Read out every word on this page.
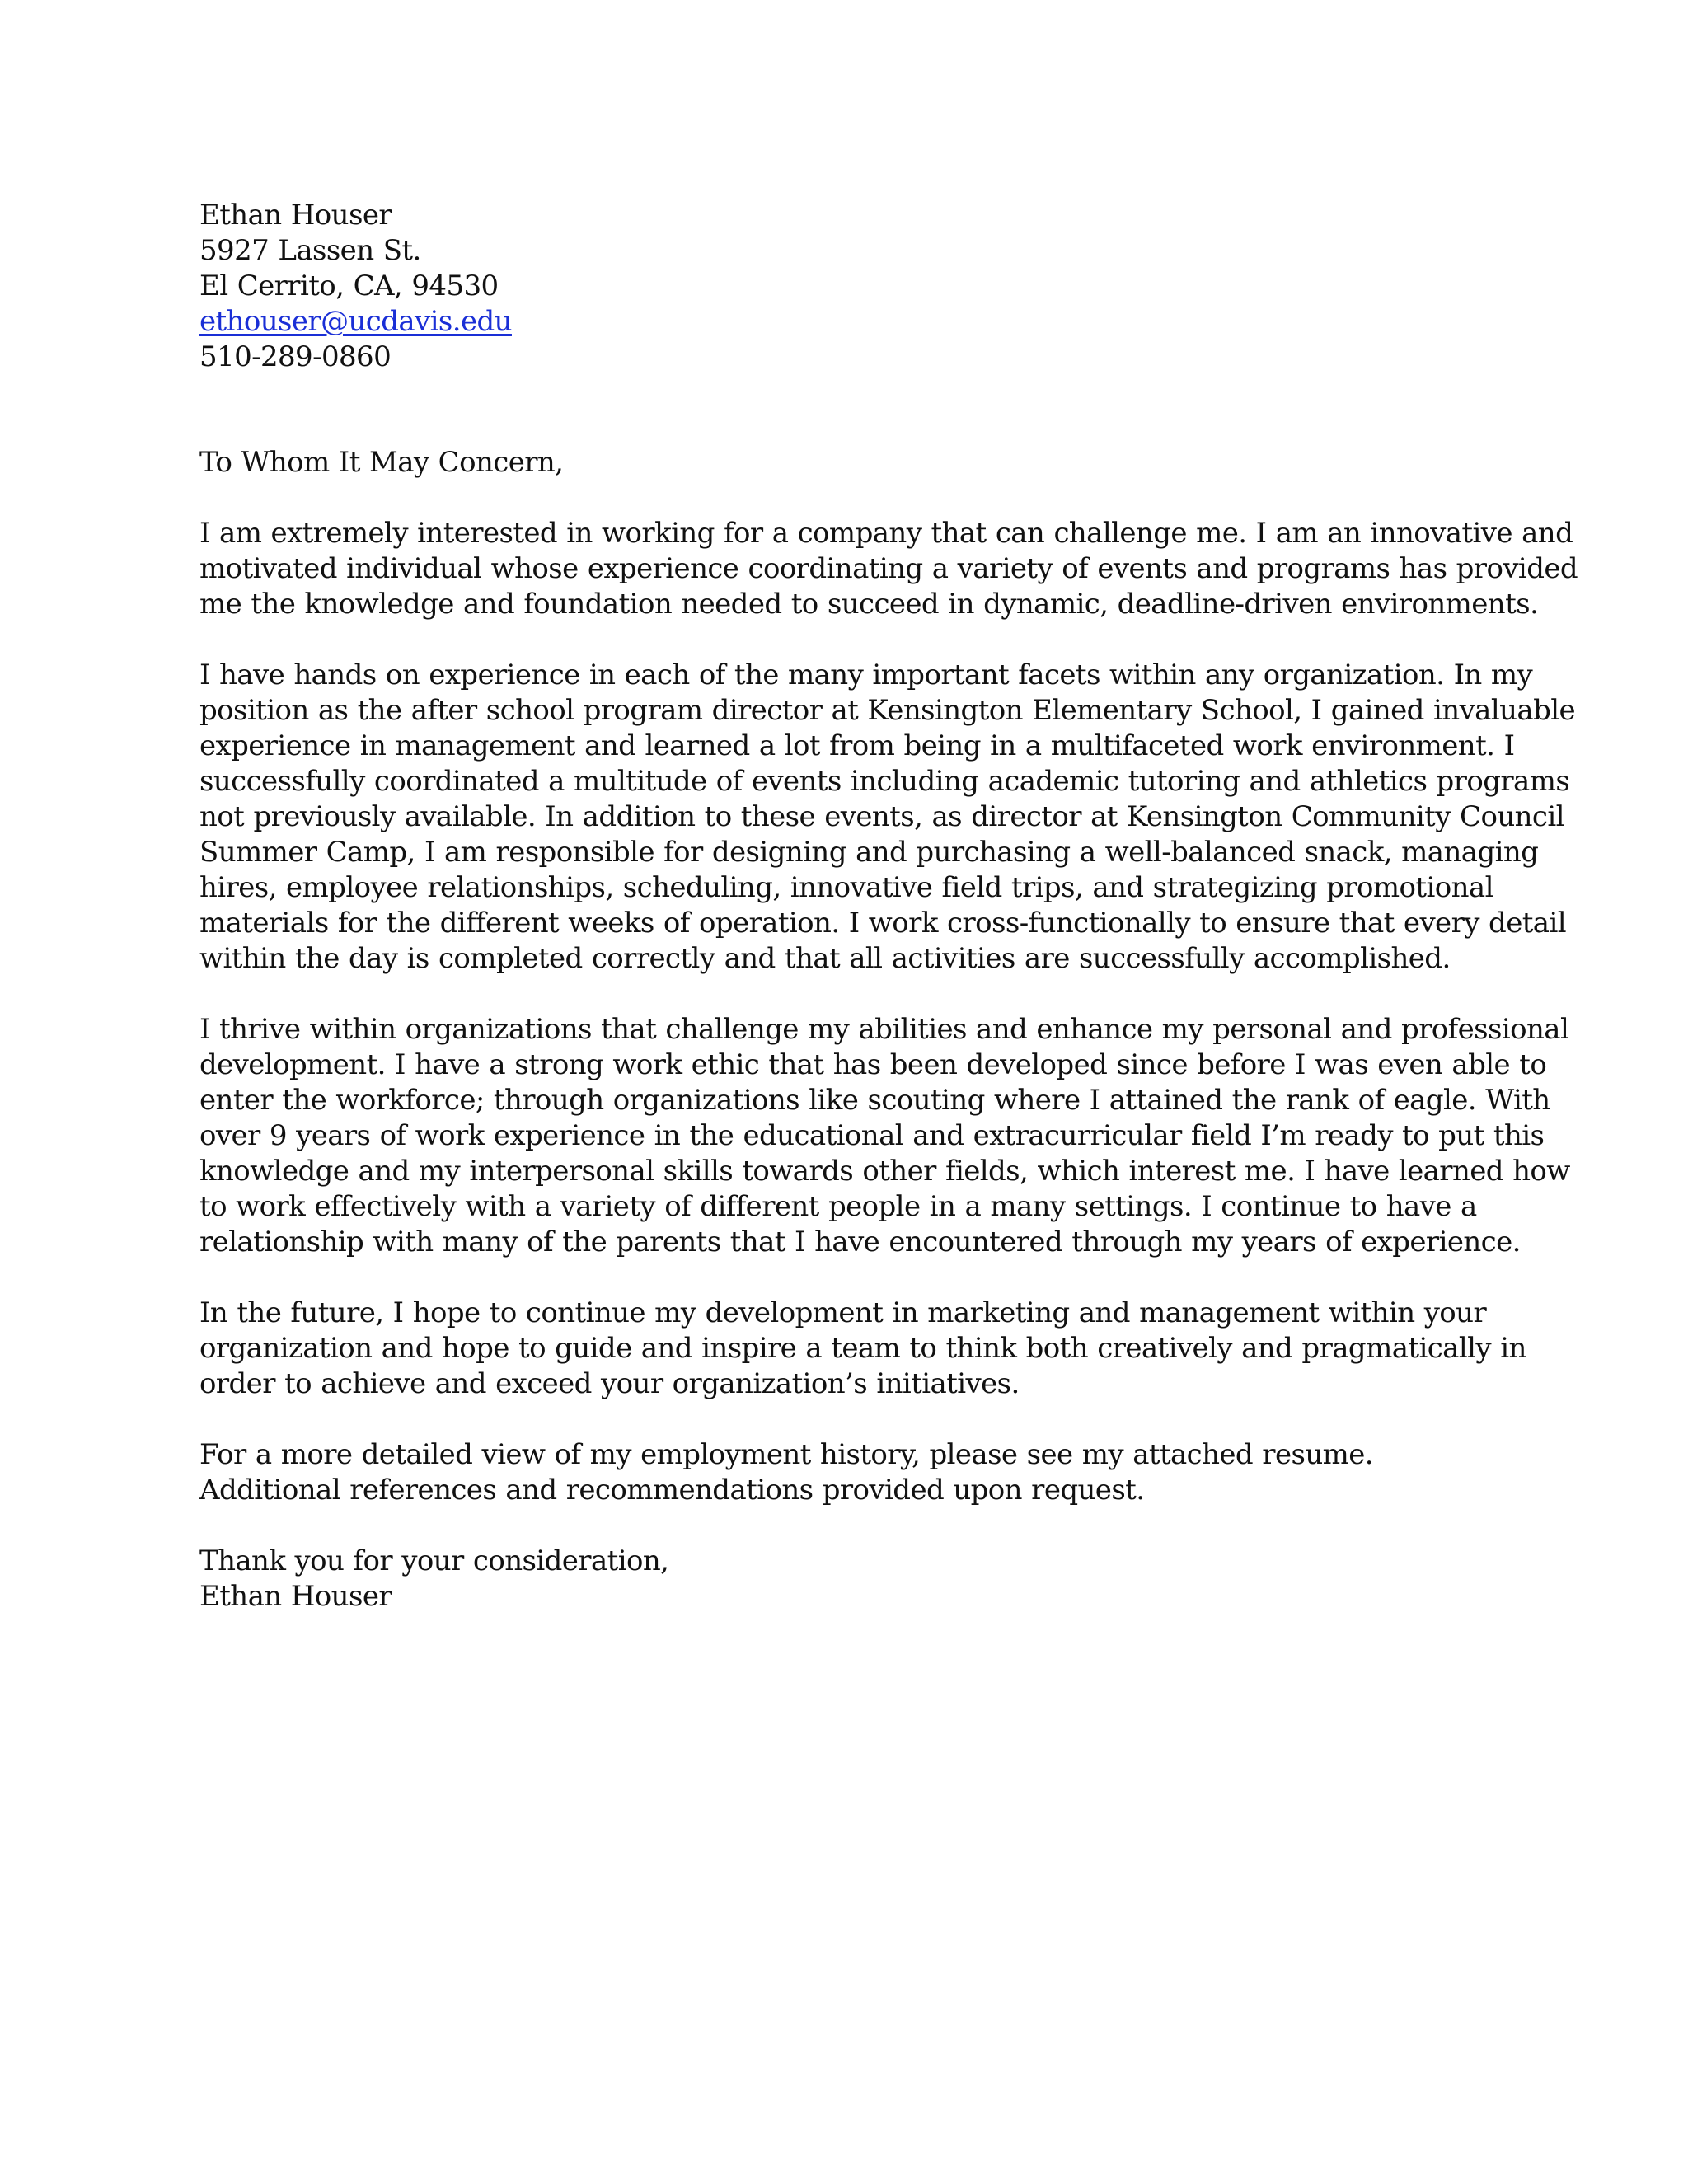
Ethan Houser
5927 Lassen St.
El Cerrito, CA, 94530
ethouser@ucdavis.edu
510-289-0860
To Whom It May Concern,
I am extremely interested in working for a company that can challenge me. I am an innovative and
motivated individual whose experience coordinating a variety of events and programs has provided
me the knowledge and foundation needed to succeed in dynamic, deadline-driven environments.
I have hands on experience in each of the many important facets within any organization. In my
position as the after school program director at Kensington Elementary School, I gained invaluable
experience in management and learned a lot from being in a multifaceted work environment. I
successfully coordinated a multitude of events including academic tutoring and athletics programs
not previously available. In addition to these events, as director at Kensington Community Council
Summer Camp, I am responsible for designing and purchasing a well-balanced snack, managing
hires, employee relationships, scheduling, innovative field trips, and strategizing promotional
materials for the different weeks of operation. I work cross-functionally to ensure that every detail
within the day is completed correctly and that all activities are successfully accomplished.
I thrive within organizations that challenge my abilities and enhance my personal and professional
development. I have a strong work ethic that has been developed since before I was even able to
enter the workforce; through organizations like scouting where I attained the rank of eagle. With
over 9 years of work experience in the educational and extracurricular field I’m ready to put this
knowledge and my interpersonal skills towards other fields, which interest me. I have learned how
to work effectively with a variety of different people in a many settings. I continue to have a
relationship with many of the parents that I have encountered through my years of experience.
In the future, I hope to continue my development in marketing and management within your
organization and hope to guide and inspire a team to think both creatively and pragmatically in
order to achieve and exceed your organization’s initiatives.
For a more detailed view of my employment history, please see my attached resume.
Additional references and recommendations provided upon request.
Thank you for your consideration,
Ethan Houser
